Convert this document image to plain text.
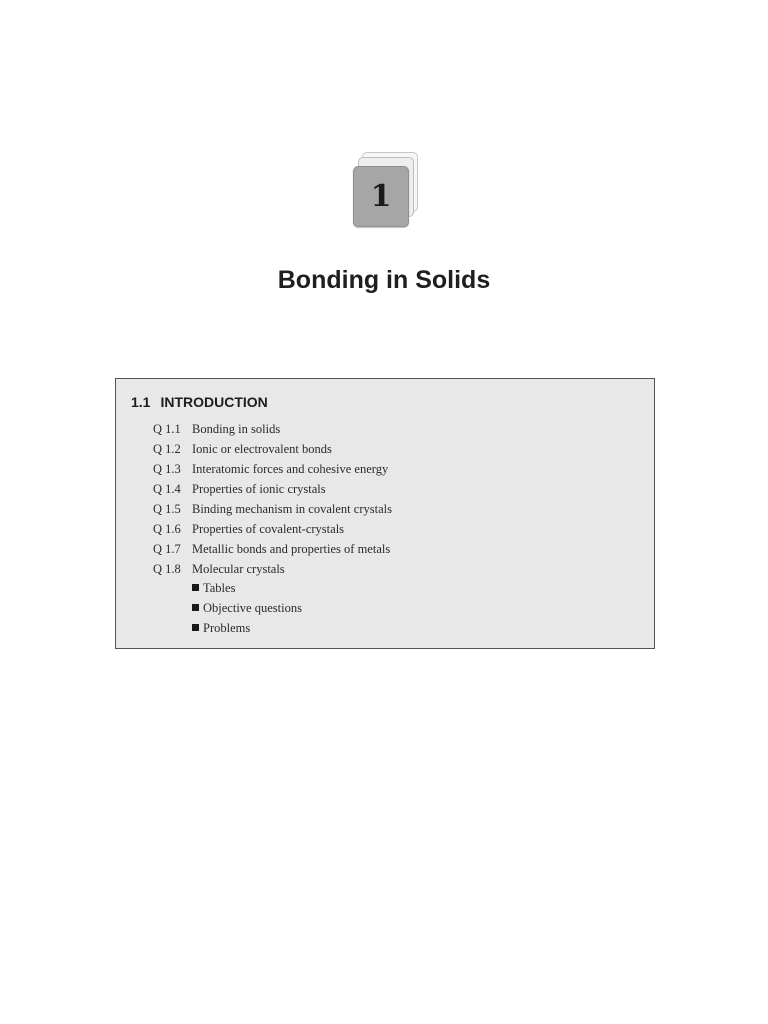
1
Bonding in Solids
1.1 INTRODUCTION
Q 1.1 Bonding in solids
Q 1.2 Ionic or electrovalent bonds
Q 1.3 Interatomic forces and cohesive energy
Q 1.4 Properties of ionic crystals
Q 1.5 Binding mechanism in covalent crystals
Q 1.6 Properties of covalent-crystals
Q 1.7 Metallic bonds and properties of metals
Q 1.8 Molecular crystals
Tables
Objective questions
Problems
